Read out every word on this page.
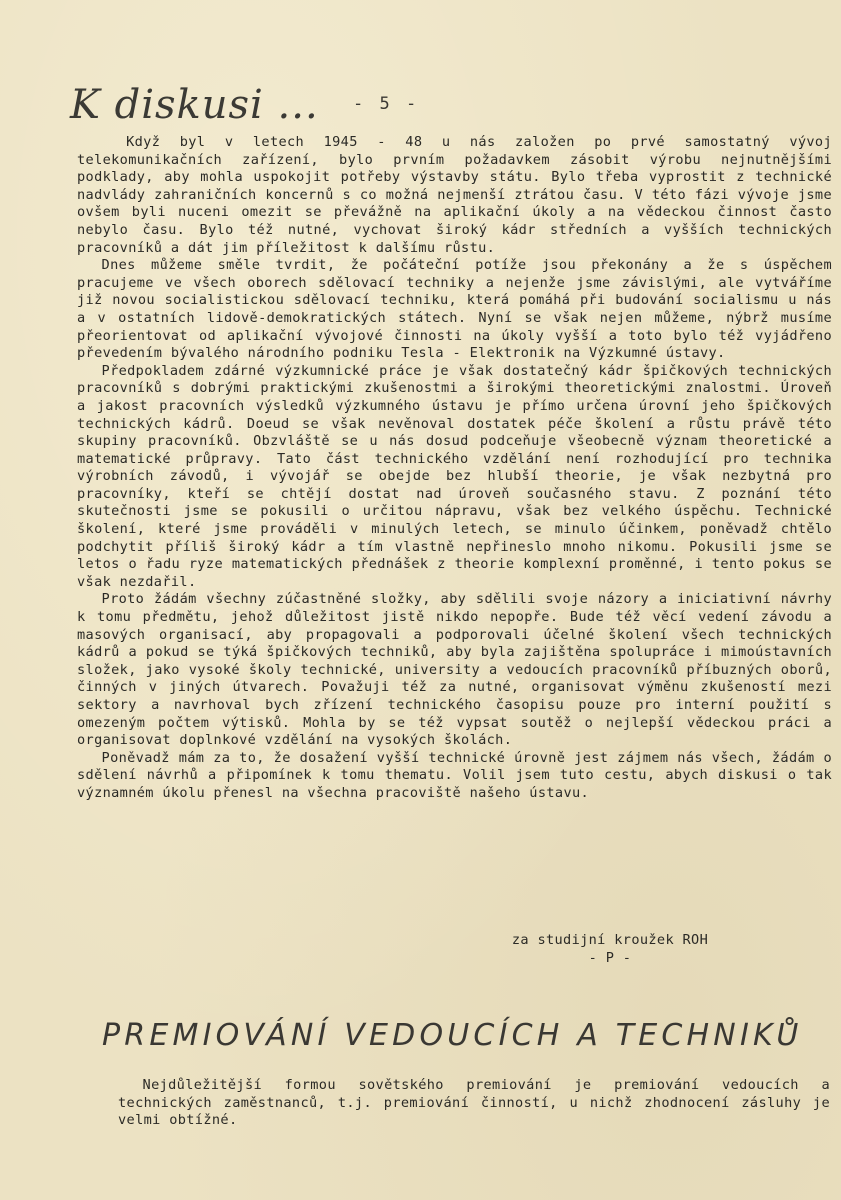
K diskusi ... - 5 -

Když byl v letech 1945 - 48 u nás založen po prvé samostatný vývoj telekomunikačních zařízení, bylo prvním požadavkem zásobit výrobu nejnutnějšími podklady, aby mohla uspokojit potřeby výstavby státu. Bylo třeba vyprostit z technické nadvlády zahraničních koncernů s co možná nejmenší ztrátou času. V této fázi vývoje jsme ovšem byli nuceni omezit se převážně na aplikační úkoly a na vědeckou činnost často nebylo času. Bylo též nutné, vychovat široký kádr středních a vyšších technických pracovníků a dát jim příležitost k dalšímu růstu.

Dnes můžeme směle tvrdit, že počáteční potíže jsou překonány a že s úspěchem pracujeme ve všech oborech sdělovací techniky a nejenže jsme závislými, ale vytváříme již novou socialistickou sdělovací techniku, která pomáhá při budování socialismu u nás a v ostatních lidově-demokratických státech. Nyní se však nejen můžeme, nýbrž musíme přeorientovat od aplikační vývojové činnosti na úkoly vyšší a toto bylo též vyjádřeno převedením bývalého národního podniku Tesla - Elektronik na Výzkumné ústavy.

Předpokladem zdárné výzkumnické práce je však dostatečný kádr špičkových technických pracovníků s dobrými praktickými zkušenostmi a širokými theoretickými znalostmi. Úroveň a jakost pracovních výsledků výzkumného ústavu je přímo určena úrovní jeho špičkových technických kádrů. Doeud se však nevěnoval dostatek péče školení a růstu právě této skupiny pracovníků. Obzvláště se u nás dosud podceňuje všeobecně význam theoretické a matematické průpravy. Tato část technického vzdělání není rozhodující pro technika výrobních závodů, i vývojář se obejde bez hlubší theorie, je však nezbytná pro pracovníky, kteří se chtějí dostat nad úroveň současného stavu. Z poznání této skutečnosti jsme se pokusili o určitou nápravu, však bez velkého úspěchu. Technické školení, které jsme prováděli v minulých letech, se minulo účinkem, poněvadž chtělo podchytit příliš široký kádr a tím vlastně nepřineslo mnoho nikomu. Pokusili jsme se letos o řadu ryze matematických přednášek z theorie komplexní proměnné, i tento pokus se však nezdařil.

Proto žádám všechny zúčastněné složky, aby sdělili svoje názory a iniciativní návrhy k tomu předmětu, jehož důležitost jistě nikdo nepopře. Bude též věcí vedení závodu a masových organisací, aby propagovali a podporovali účelné školení všech technických kádrů a pokud se týká špičkových techniků, aby byla zajištěna spolupráce i mimoústavních složek, jako vysoké školy technické, university a vedoucích pracovníků příbuzných oborů, činných v jiných útvarech. Považuji též za nutné, organisovat výměnu zkušeností mezi sektory a navrhoval bych zřízení technického časopisu pouze pro interní použití s omezeným počtem výtisků. Mohla by se též vypsat soutěž o nejlepší vědeckou práci a organisovat doplnkové vzdělání na vysokých školách.

Poněvadž mám za to, že dosažení vyšší technické úrovně jest zájmem nás všech, žádám o sdělení návrhů a připomínek k tomu thematu. Volil jsem tuto cestu, abych diskusi o tak významném úkolu přenesl na všechna pracoviště našeho ústavu.

za studijní kroužek ROH
- P -
PREMIOVÁNÍ VEDOUCÍCH A TECHNIKŮ

Nejdůležitější formou sovětského premiování je premiování vedoucích a technických zaměstnanců, t.j. premiování činností, u nichž zhodnocení zásluhy je velmi obtížné.
